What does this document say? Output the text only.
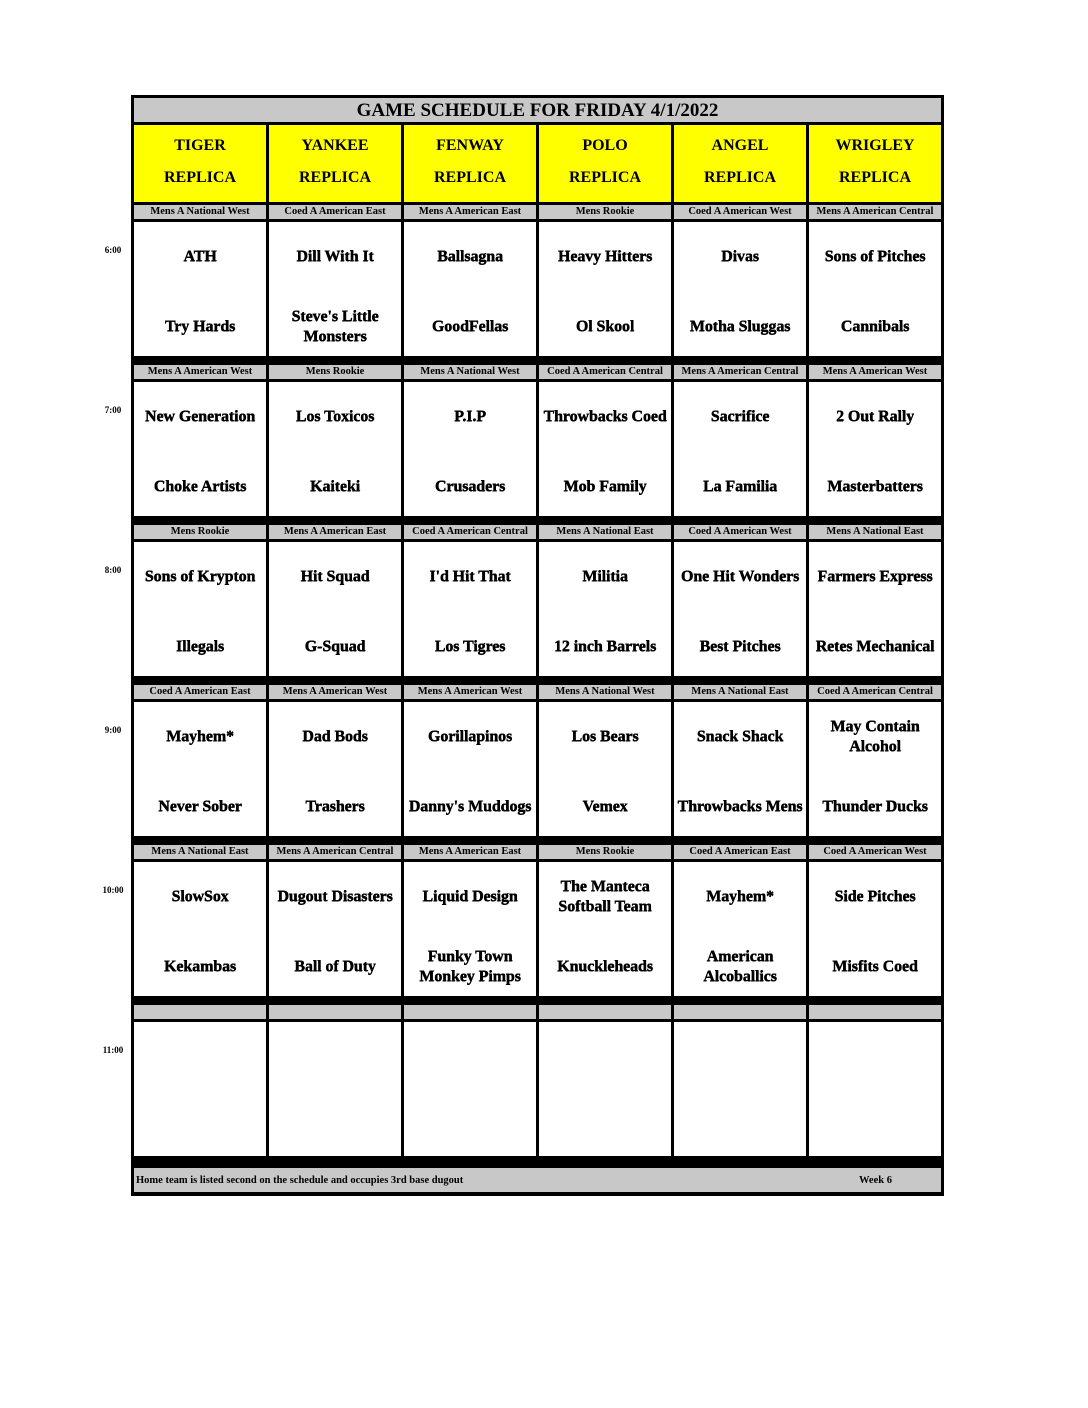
GAME SCHEDULE FOR FRIDAY 4/1/2022
Home team is listed second on the schedule and occupies 3rd base dugout	Week 6
TIGER
REPLICA
YANKEE
REPLICA
FENWAY
REPLICA
POLO
REPLICA
ANGEL
REPLICA
WRIGLEY
REPLICA
Mens A National West
ATH
Try Hards
Coed A American East
Dill With It
Steve's Little Monsters
Mens A American East
Ballsagna
GoodFellas
Mens Rookie
Heavy Hitters
Ol Skool
Coed A American West
Divas
Motha Sluggas
Mens A American Central
Sons of Pitches
Cannibals
Mens A American West
New Generation
Choke Artists
Mens Rookie
Los Toxicos
Kaiteki
Mens A National West
P.I.P
Crusaders
Coed A American Central
Throwbacks Coed
Mob Family
Mens A American Central
Sacrifice
La Familia
Mens A American West
2 Out Rally
Masterbatters
Mens Rookie
Sons of Krypton
Illegals
Mens A American East
Hit Squad
G-Squad
Coed A American Central
I'd Hit That
Los Tigres
Mens A National East
Militia
12 inch Barrels
Coed A American West
One Hit Wonders
Best Pitches
Mens A National East
Farmers Express
Retes Mechanical
Coed A American East
Mayhem*
Never Sober
Mens A American West
Dad Bods
Trashers
Mens A American West
Gorillapinos
Danny's Muddogs
Mens A National West
Los Bears
Vemex
Mens A National East
Snack Shack
Throwbacks Mens
Coed A American Central
May Contain Alcohol
Thunder Ducks
Mens A National East
SlowSox
Kekambas
Mens A American Central
Dugout Disasters
Ball of Duty
Mens A American East
Liquid Design
Funky Town Monkey Pimps
Mens Rookie
The Manteca Softball Team
Knuckleheads
Coed A American East
Mayhem*
American Alcoballics
Coed A American West
Side Pitches
Misfits Coed
6:00
7:00
8:00
9:00
10:00
11:00
